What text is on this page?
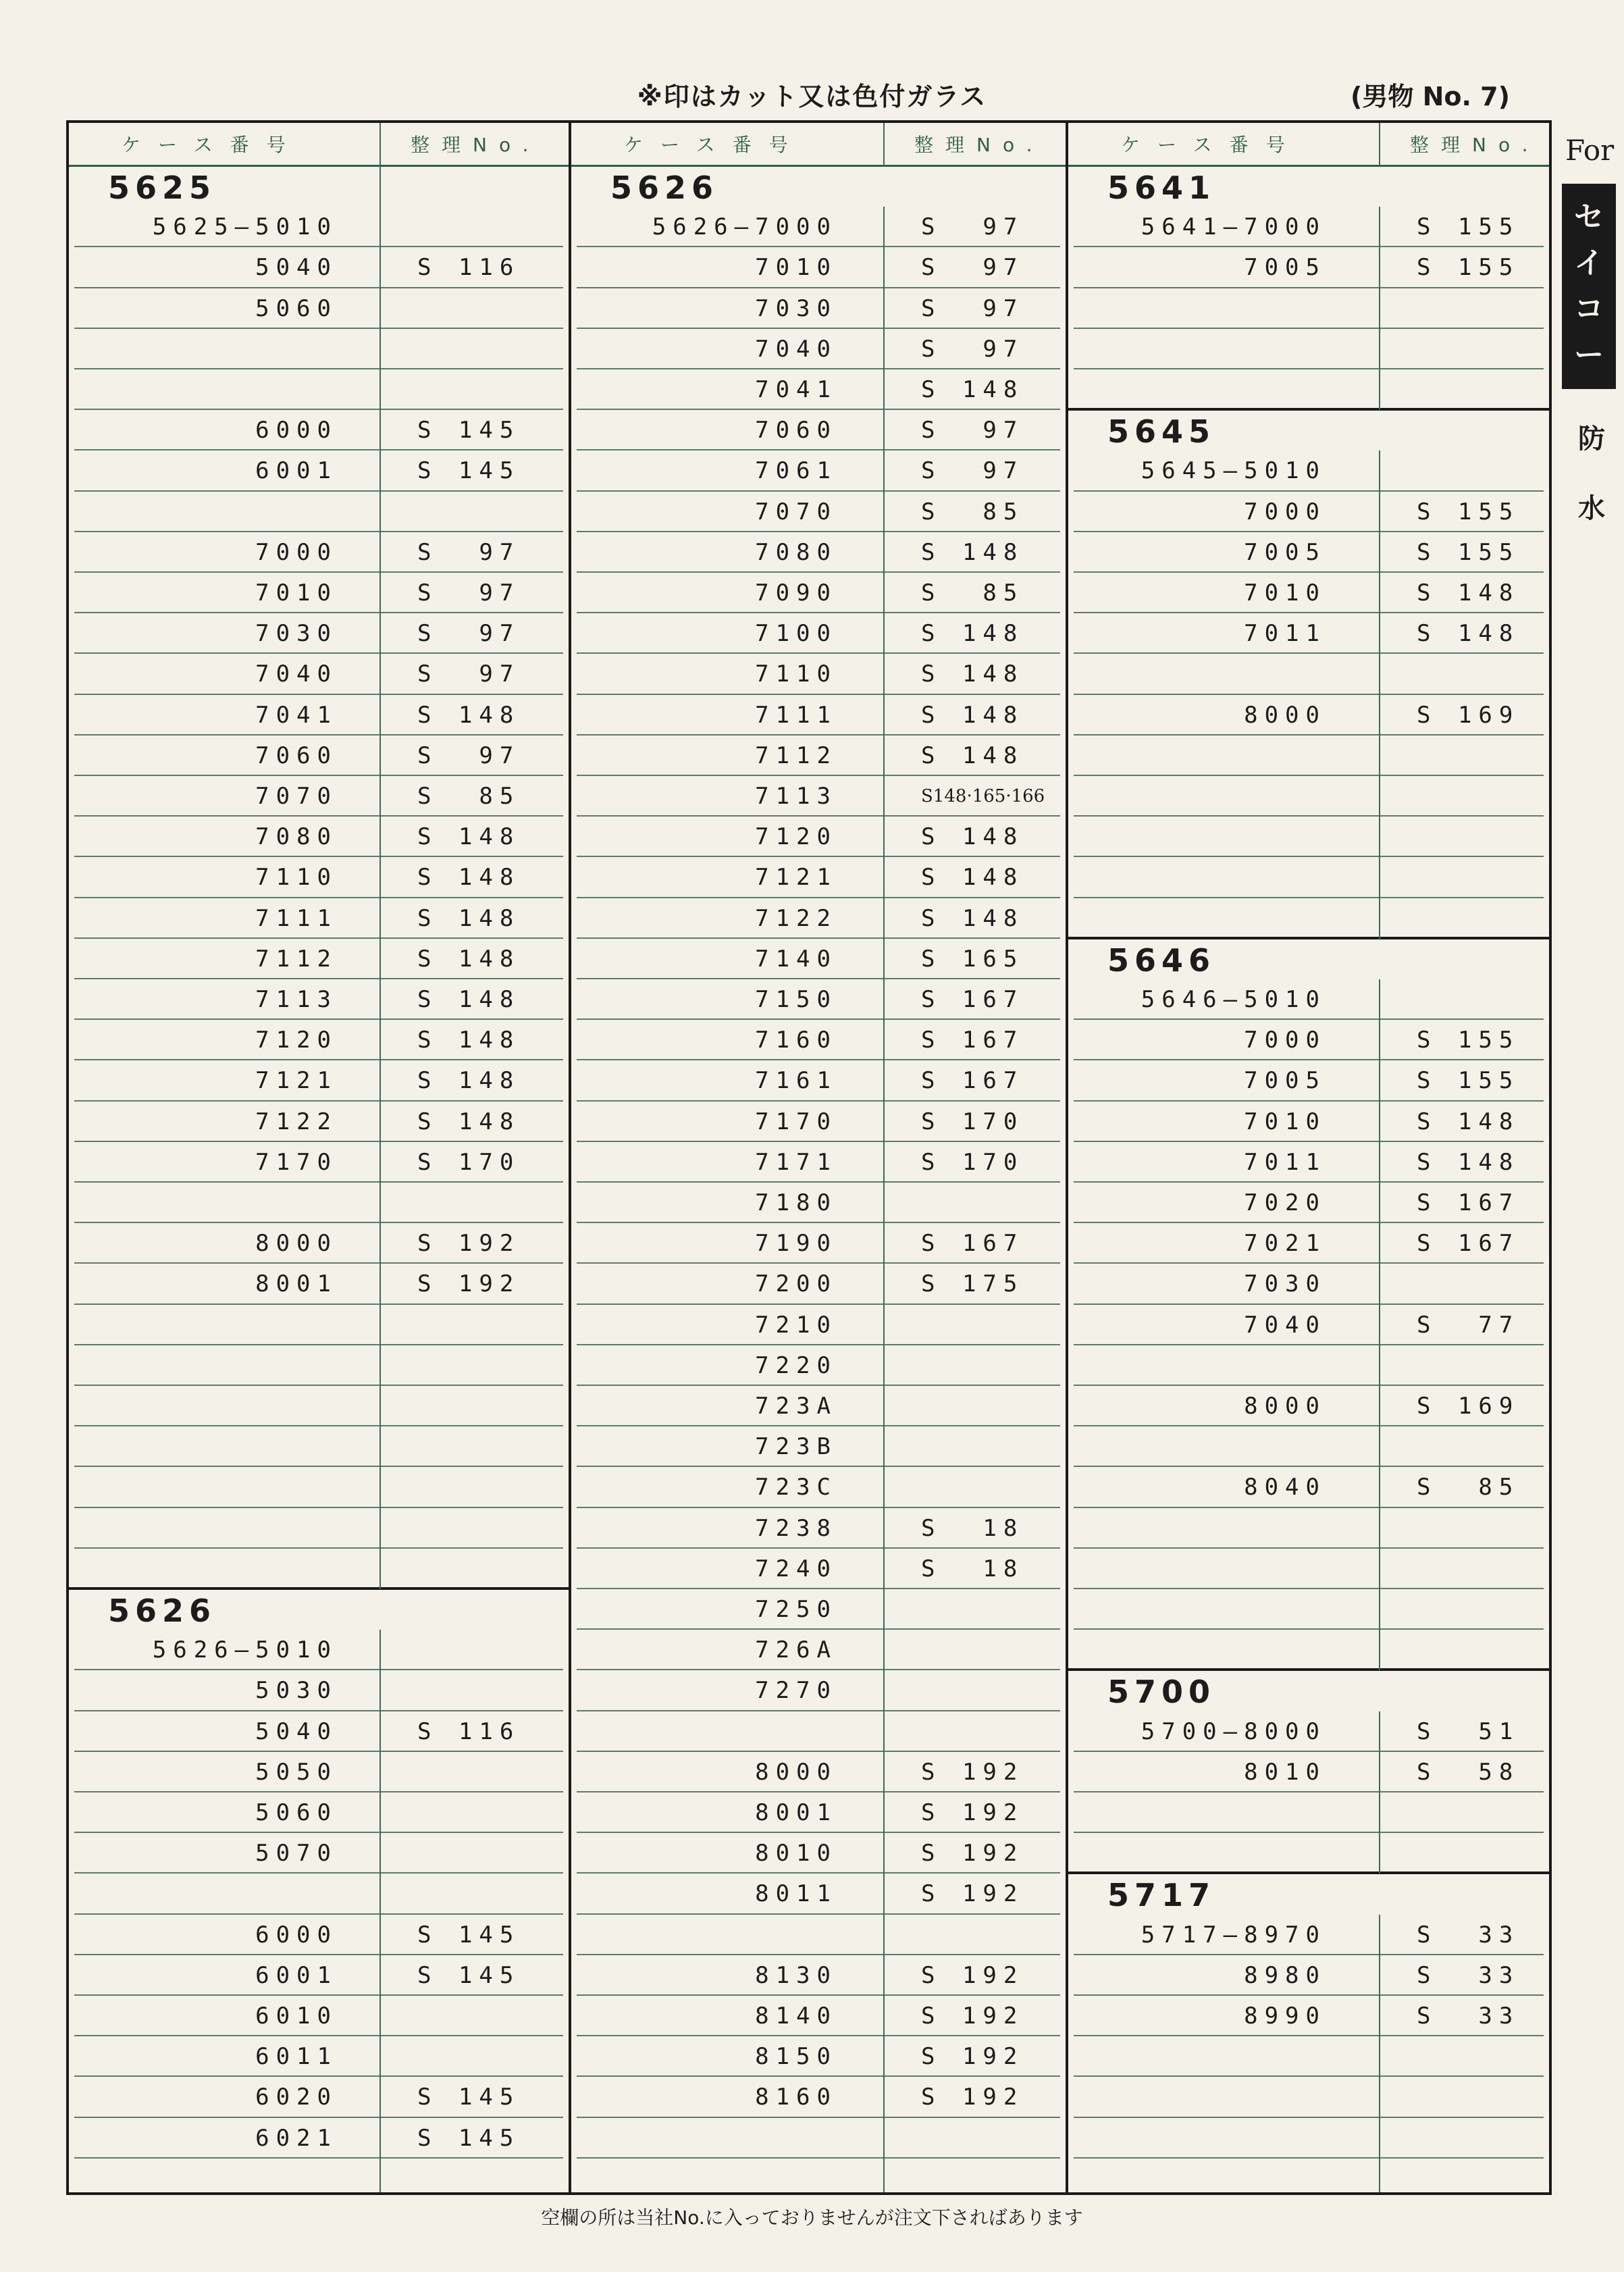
※印はカット又は色付ガラス	(男物 No. 7)
For
セ
イ
コ
ー
防
水
ケース番号	整理No.
5625
5625—5010
5040	S 116
5060
6000	S 145
6001	S 145
7000	S  97
7010	S  97
7030	S  97
7040	S  97
7041	S 148
7060	S  97
7070	S  85
7080	S 148
7110	S 148
7111	S 148
7112	S 148
7113	S 148
7120	S 148
7121	S 148
7122	S 148
7170	S 170
8000	S 192
8001	S 192
5626
5626—5010
5030
5040	S 116
5050
5060
5070
6000	S 145
6001	S 145
6010
6011
6020	S 145
6021	S 145
ケース番号	整理No.
5626
5626—7000	S  97
7010	S  97
7030	S  97
7040	S  97
7041	S 148
7060	S  97
7061	S  97
7070	S  85
7080	S 148
7090	S  85
7100	S 148
7110	S 148
7111	S 148
7112	S 148
7113	S148·165·166
7120	S 148
7121	S 148
7122	S 148
7140	S 165
7150	S 167
7160	S 167
7161	S 167
7170	S 170
7171	S 170
7180
7190	S 167
7200	S 175
7210
7220
723A
723B
723C
7238	S  18
7240	S  18
7250
726A
7270
8000	S 192
8001	S 192
8010	S 192
8011	S 192
8130	S 192
8140	S 192
8150	S 192
8160	S 192
ケース番号	整理No.
5641
5641—7000	S 155
7005	S 155
5645
5645—5010
7000	S 155
7005	S 155
7010	S 148
7011	S 148
8000	S 169
5646
5646—5010
7000	S 155
7005	S 155
7010	S 148
7011	S 148
7020	S 167
7021	S 167
7030
7040	S  77
8000	S 169
8040	S  85
5700
5700—8000	S  51
8010	S  58
5717
5717—8970	S  33
8980	S  33
8990	S  33
空欄の所は当社No.に入っておりませんが注文下さればあります
